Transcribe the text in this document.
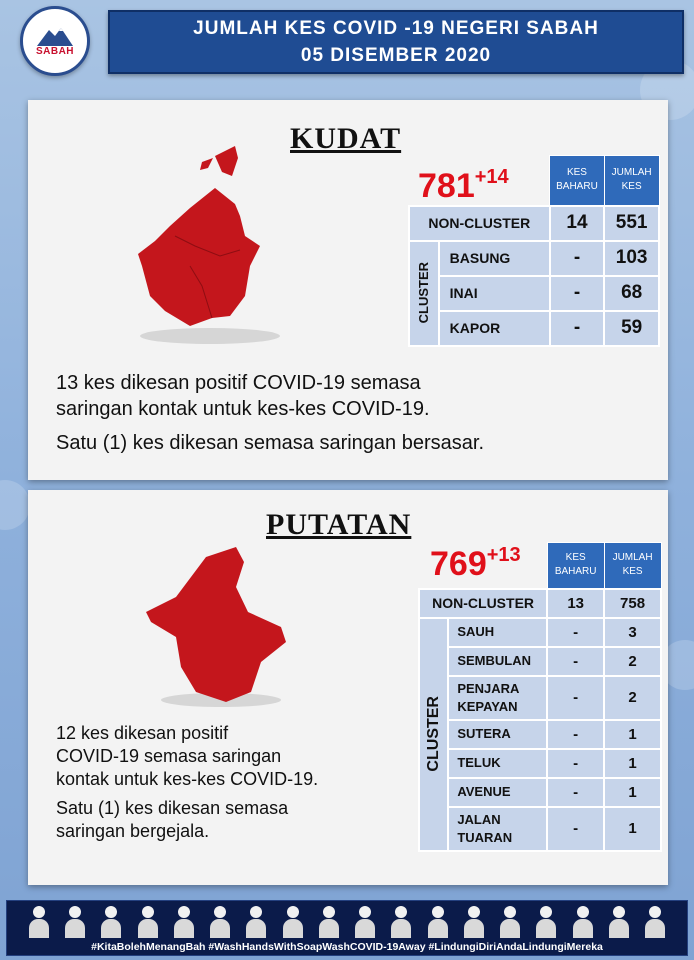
SABAH
JUMLAH KES COVID -19 NEGERI SABAH
05 DISEMBER 2020
KUDAT
$781^{+14}$
			KES BAHARU	JUMLAH KES
NON-CLUSTER		14	551

CLUSTER	BASUNG	-	103
	INAI	-	68
	KAPOR	-	59

13 kes dikesan positif COVID-19 semasa

saringan kontak untuk kes-kes COVID-19.

Satu (1) kes dikesan semasa saringan bersasar.

PUTATAN
$769^{+13}$
			KES BAHARU	JUMLAH KES
NON-CLUSTER		13	758

CLUSTER	SAUH	-	3
	SEMBULAN	-	2
	PENJARA KEPAYAN	-	2
	SUTERA	-	1
	TELUK	-	1
	AVENUE	-	1
	JALAN TUARAN	-	1

12 kes dikesan positif

COVID-19 semasa saringan

kontak untuk kes-kes COVID-19.

Satu (1) kes dikesan semasa

saringan bergejala.

#KitaBolehMenangBah #WashHandsWithSoapWashCOVID-19Away #LindungiDiriAndaLindungiMereka
